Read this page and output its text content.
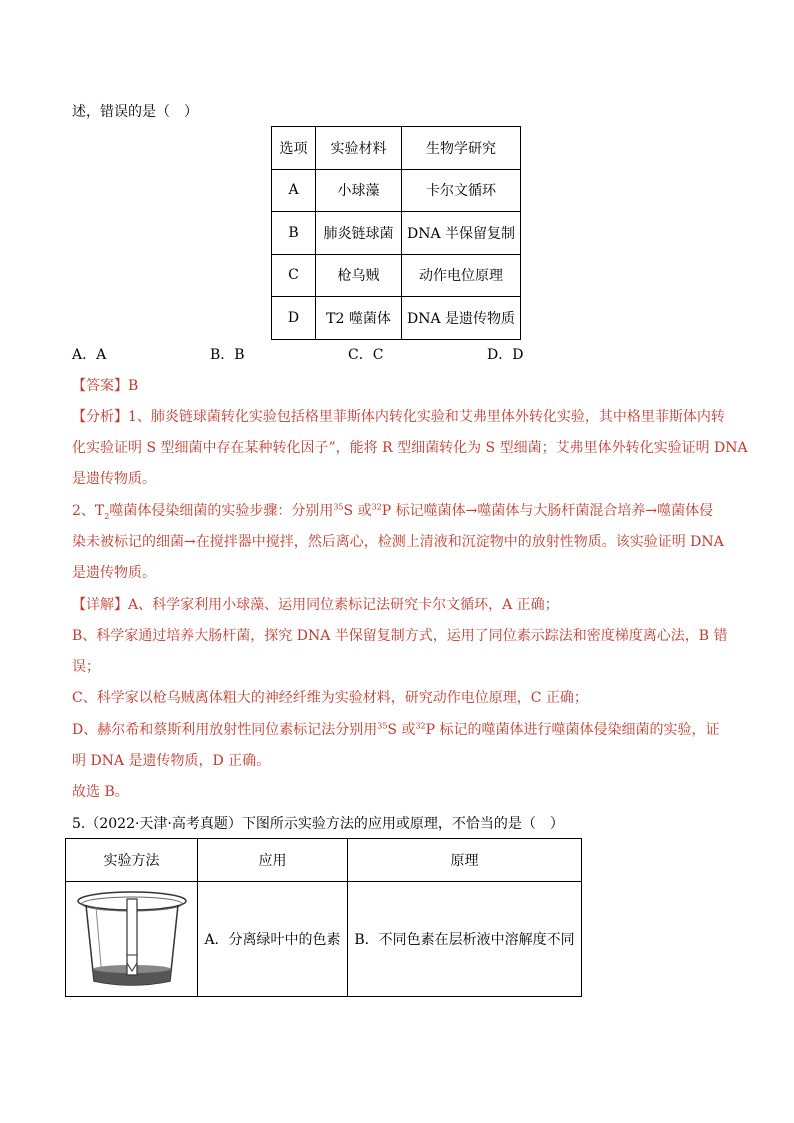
述，错误的是（　）
选项	实验材料	生物学研究
A	小球藻	卡尔文循环
B	肺炎链球菌	DNA 半保留复制
C	枪乌贼	动作电位原理
D	T2 噬菌体	DNA 是遗传物质
A．A	B．B	C．C	D．D
【答案】B
【分析】1、肺炎链球菌转化实验包括格里菲斯体内转化实验和艾弗里体外转化实验，其中格里菲斯体内转
化实验证明 S 型细菌中存在某种转化因子”，能将 R 型细菌转化为 S 型细菌；艾弗里体外转化实验证明 DNA
是遗传物质。
2、$T_2$噬菌体侵染细菌的实验步骤：分别用$^{35}$S 或$^{32}$P 标记噬菌体→噬菌体与大肠杆菌混合培养→噬菌体侵
染未被标记的细菌→在搅拌器中搅拌，然后离心，检测上清液和沉淀物中的放射性物质。该实验证明 DNA
是遗传物质。
【详解】A、科学家利用小球藻、运用同位素标记法研究卡尔文循环，A 正确；
B、科学家通过培养大肠杆菌，探究 DNA 半保留复制方式，运用了同位素示踪法和密度梯度离心法，B 错
误；
C、科学家以枪乌贼离体粗大的神经纤维为实验材料，研究动作电位原理，C 正确；
D、赫尔希和蔡斯利用放射性同位素标记法分别用$^{35}$S 或$^{32}$P 标记的噬菌体进行噬菌体侵染细菌的实验，证
明 DNA 是遗传物质，D 正确。
故选 B。
5.（2022·天津·高考真题）下图所示实验方法的应用或原理，不恰当的是（　）
实验方法	应用	原理
	A．分离绿叶中的色素	B．不同色素在层析液中溶解度不同
